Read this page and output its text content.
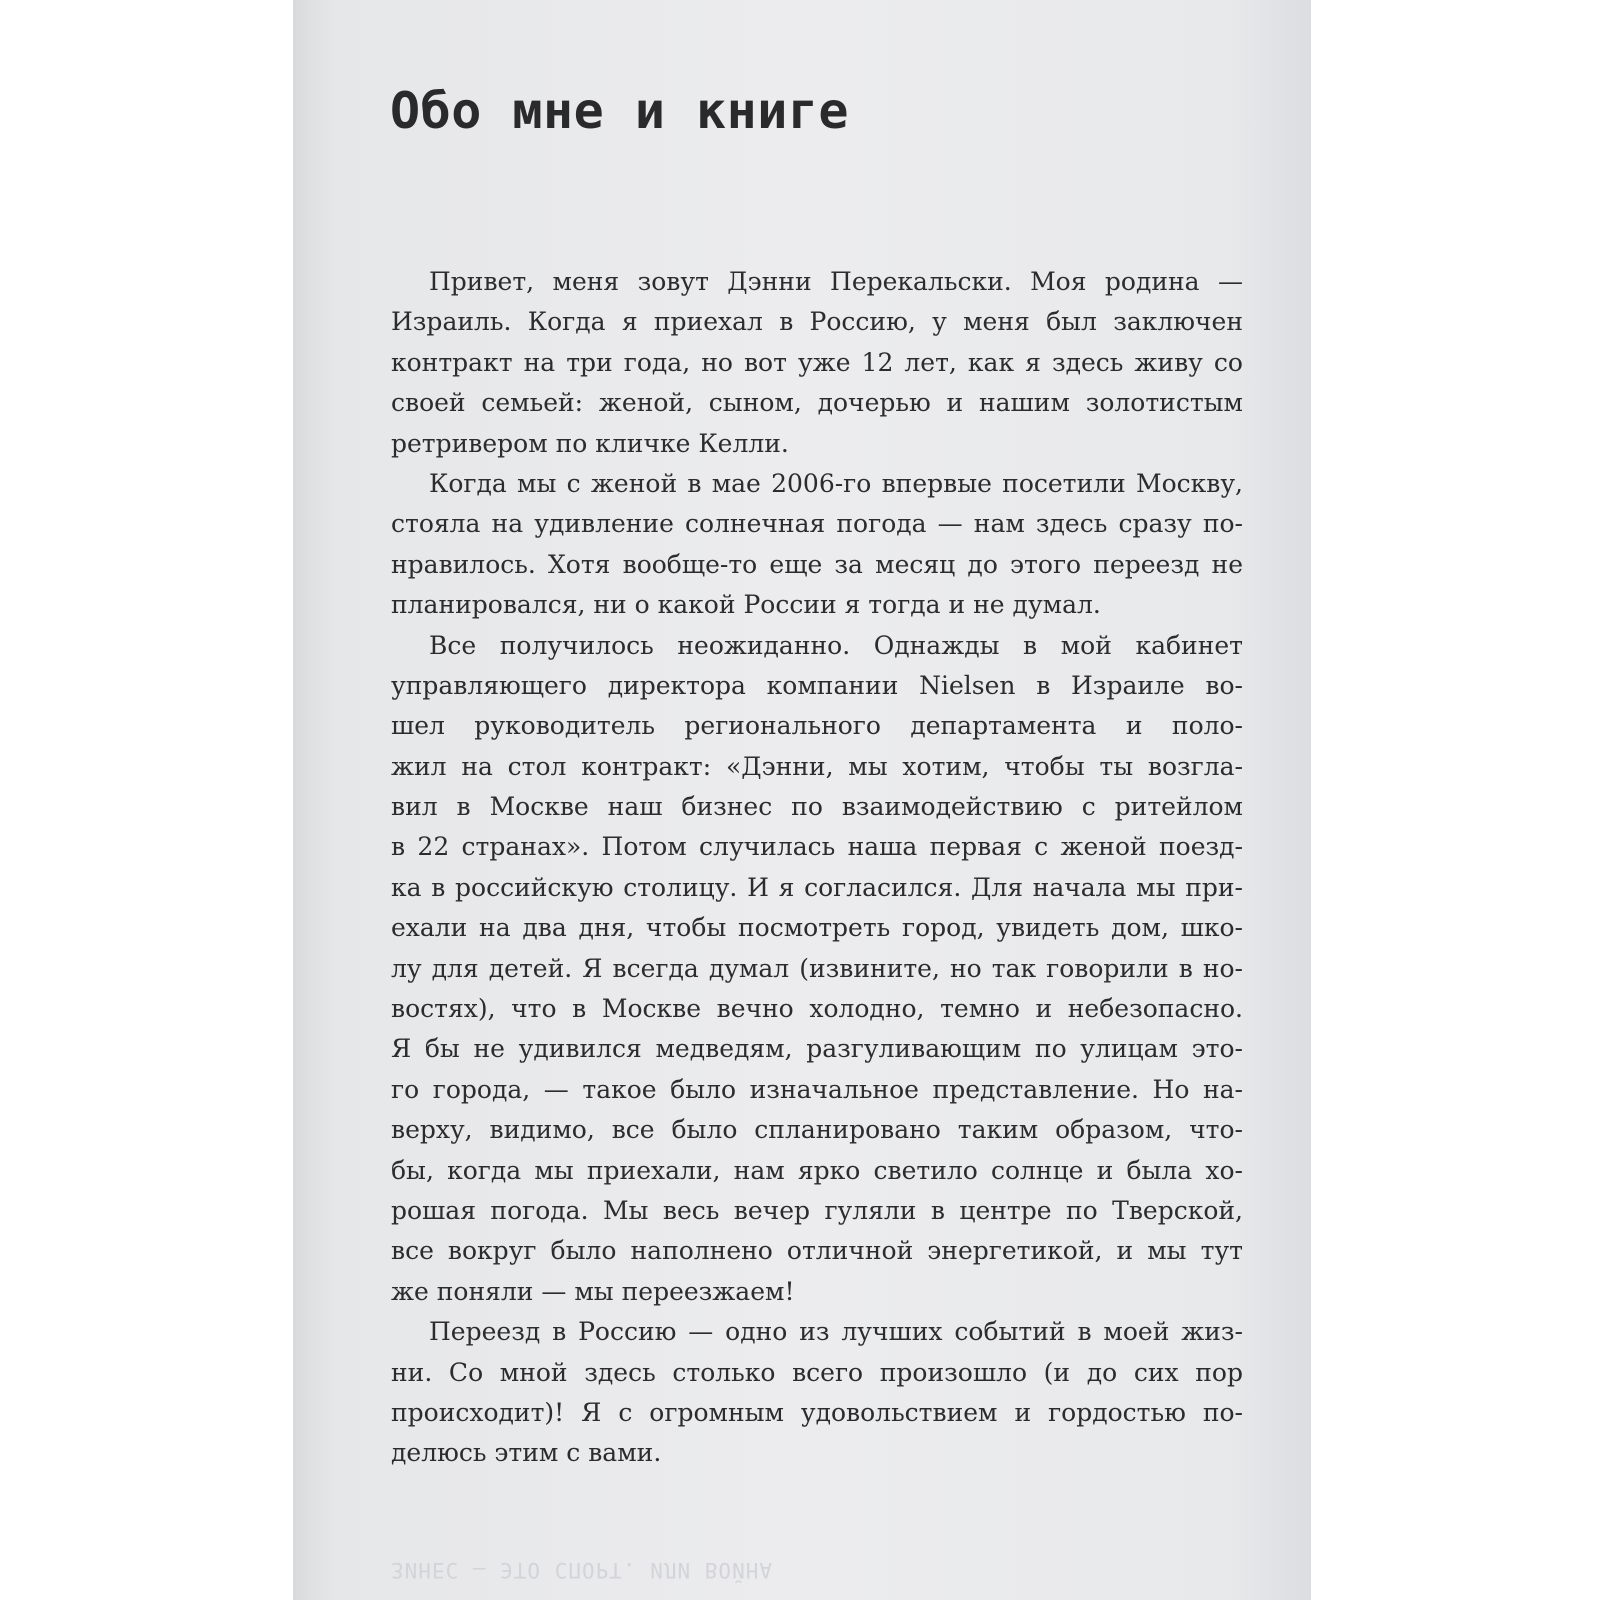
Обо мне и книге
Привет, меня зовут Дэнни Перекальски. Моя родина —
Израиль. Когда я приехал в Россию, у меня был заключен
контракт на три года, но вот уже 12 лет, как я здесь живу со
своей семьей: женой, сыном, дочерью и нашим золотистым
ретривером по кличке Келли.
Когда мы с женой в мае 2006-го впервые посетили Москву,
стояла на удивление солнечная погода — нам здесь сразу по-
нравилось. Хотя вообще-то еще за месяц до этого переезд не
планировался, ни о какой России я тогда и не думал.
Все получилось неожиданно. Однажды в мой кабинет
управляющего директора компании Nielsen в Израиле во-
шел руководитель регионального департамента и поло-
жил на стол контракт: «Дэнни, мы хотим, чтобы ты возгла-
вил в Москве наш бизнес по взаимодействию с ритейлом
в 22 странах». Потом случилась наша первая с женой поезд-
ка в российскую столицу. И я согласился. Для начала мы при-
ехали на два дня, чтобы посмотреть город, увидеть дом, шко-
лу для детей. Я всегда думал (извините, но так говорили в но-
востях), что в Москве вечно холодно, темно и небезопасно.
Я бы не удивился медведям, разгуливающим по улицам это-
го города, — такое было изначальное представление. Но на-
верху, видимо, все было спланировано таким образом, что-
бы, когда мы приехали, нам ярко светило солнце и была хо-
рошая погода. Мы весь вечер гуляли в центре по Тверской,
все вокруг было наполнено отличной энергетикой, и мы тут
же поняли — мы переезжаем!
Переезд в Россию — одно из лучших событий в моей жиз-
ни. Со мной здесь столько всего произошло (и до сих пор
происходит)! Я с огромным удовольствием и гордостью по-
делюсь этим с вами.
ЗИНЕС — ЭТО СПОРТ. ИЛИ ВОЙНА
